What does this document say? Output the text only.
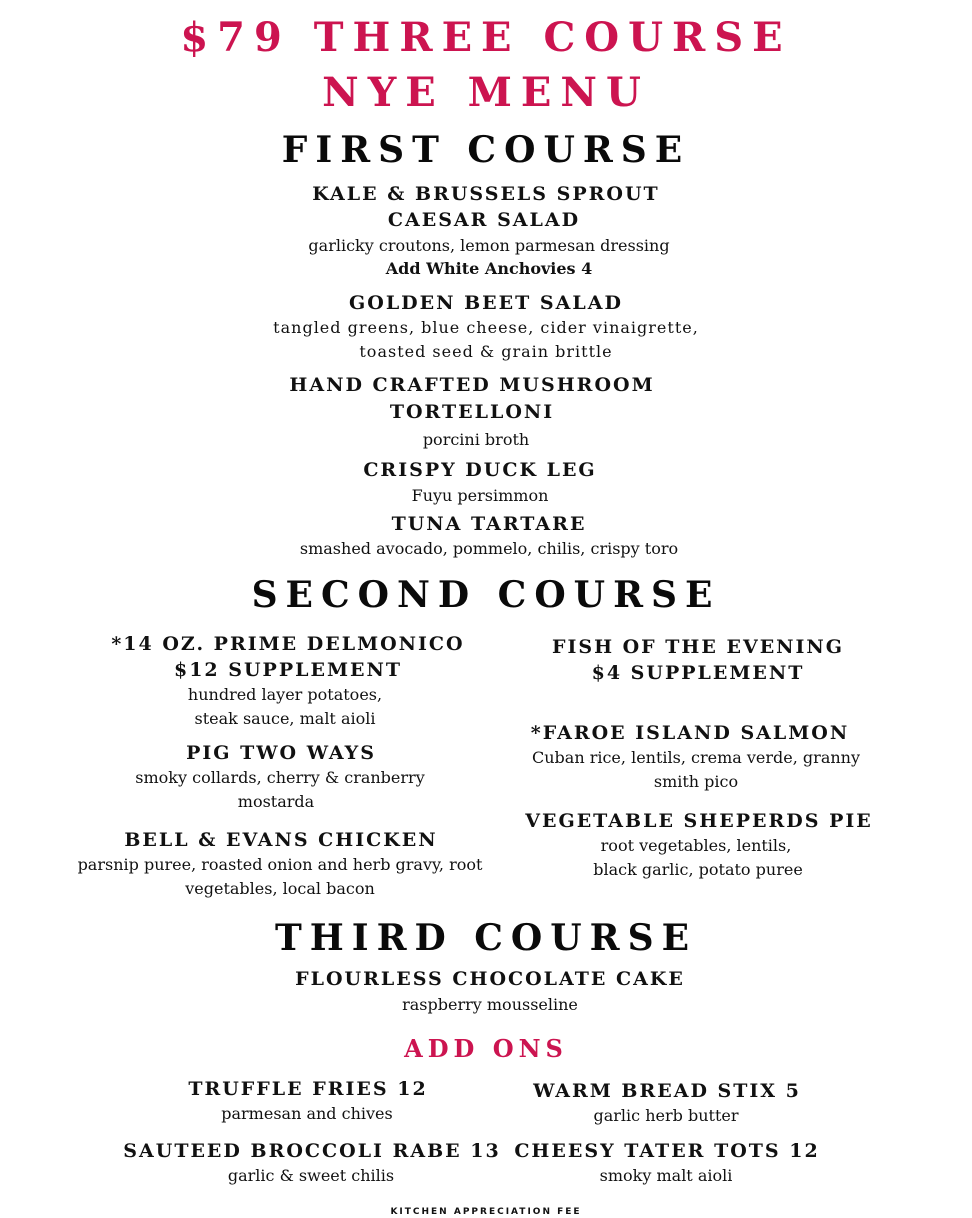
$79 THREE COURSE
NYE MENU
FIRST COURSE
KALE & BRUSSELS SPROUT
CAESAR SALAD
garlicky croutons, lemon parmesan dressing
Add White Anchovies 4
GOLDEN BEET SALAD
tangled greens, blue cheese, cider vinaigrette,
toasted seed & grain brittle
HAND CRAFTED MUSHROOM
TORTELLONI
porcini broth
CRISPY DUCK LEG
Fuyu persimmon
TUNA TARTARE
smashed avocado, pommelo, chilis, crispy toro
SECOND COURSE
*14 OZ. PRIME DELMONICO
$12 SUPPLEMENT
hundred layer potatoes,
steak sauce, malt aioli
PIG TWO WAYS
smoky collards, cherry & cranberry
mostarda
BELL & EVANS CHICKEN
parsnip puree, roasted onion and herb gravy, root
vegetables, local bacon
FISH OF THE EVENING
$4 SUPPLEMENT
*FAROE ISLAND SALMON
Cuban rice, lentils, crema verde, granny
smith pico
VEGETABLE SHEPERDS PIE
root vegetables, lentils,
black garlic, potato puree
THIRD COURSE
FLOURLESS CHOCOLATE CAKE
raspberry mousseline
ADD ONS
TRUFFLE FRIES 12
parmesan and chives
WARM BREAD STIX 5
garlic herb butter
SAUTEED BROCCOLI RABE 13
garlic & sweet chilis
CHEESY TATER TOTS 12
smoky malt aioli
KITCHEN APPRECIATION FEE
